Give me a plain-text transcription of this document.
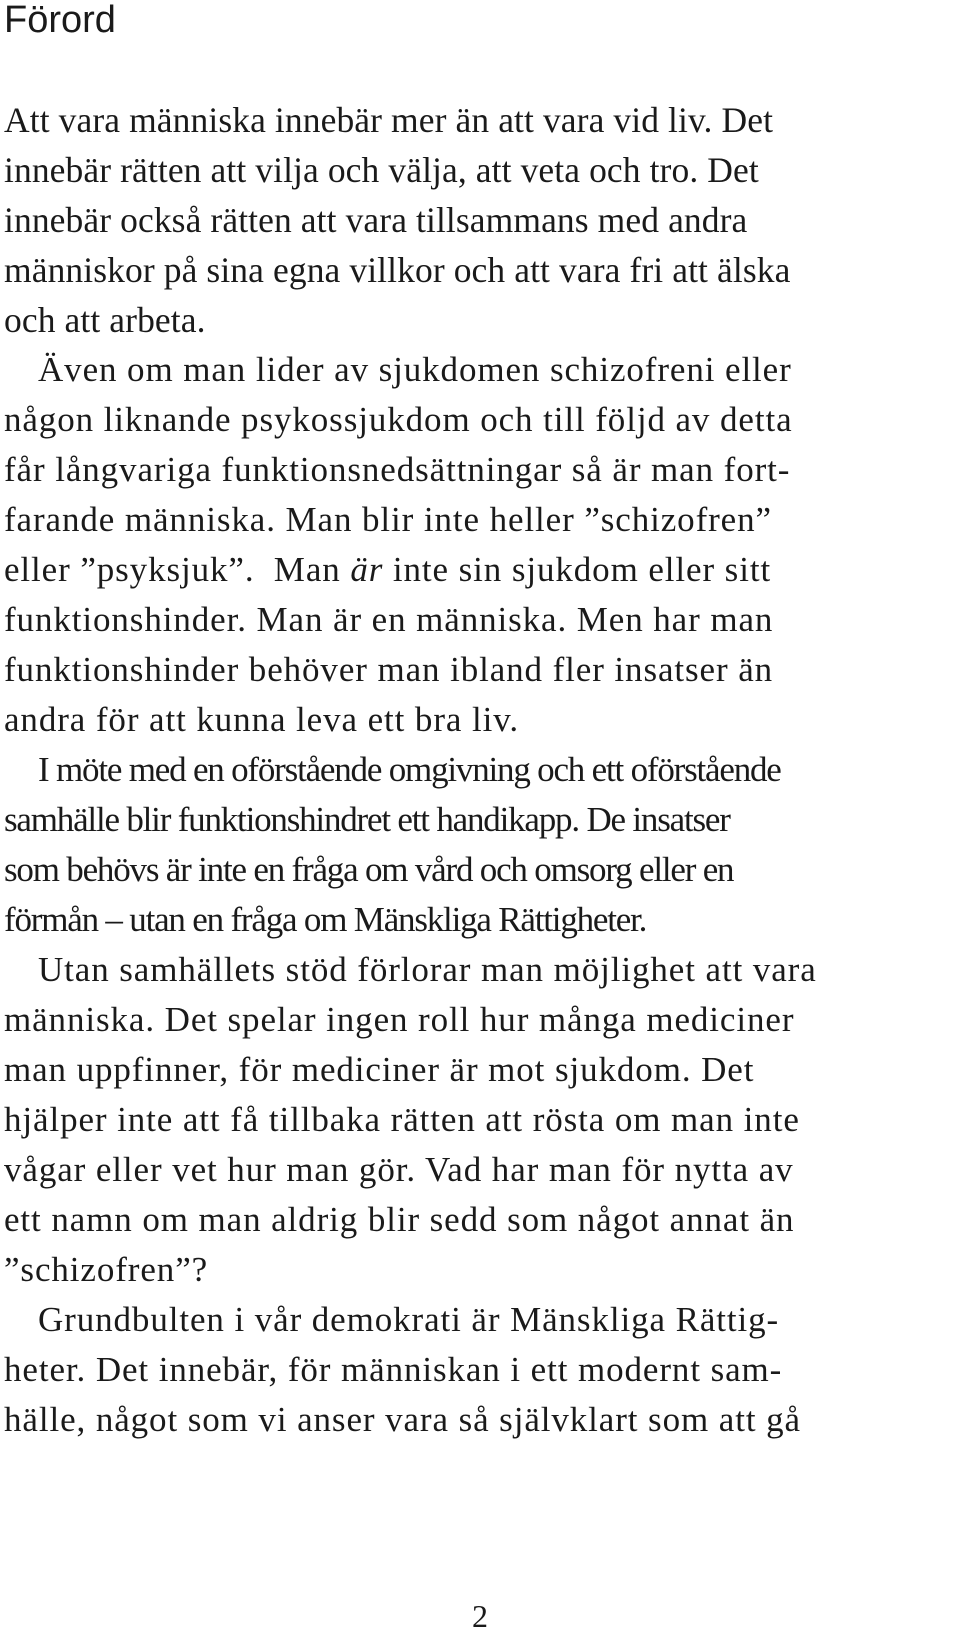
Förord
Att vara människa innebär mer än att vara vid liv. Det
innebär rätten att vilja och välja, att veta och tro. Det
innebär också rätten att vara tillsammans med andra
människor på sina egna villkor och att vara fri att älska
och att arbeta.
Även om man lider av sjukdomen schizofreni eller
någon liknande psykossjukdom och till följd av detta
får långvariga funktionsnedsättningar så är man fort-
farande människa. Man blir inte heller ”schizofren”
eller ”psyksjuk”.  Man är inte sin sjukdom eller sitt
funktionshinder. Man är en människa. Men har man
funktionshinder behöver man ibland fler insatser än
andra för att kunna leva ett bra liv.
I möte med en oförstående omgivning och ett oförstående
samhälle blir funktionshindret ett handikapp. De insatser
som behövs är inte en fråga om vård och omsorg eller en
förmån – utan en fråga om Mänskliga Rättigheter.
Utan samhällets stöd förlorar man möjlighet att vara
människa. Det spelar ingen roll hur många mediciner
man uppfinner, för mediciner är mot sjukdom. Det
hjälper inte att få tillbaka rätten att rösta om man inte
vågar eller vet hur man gör. Vad har man för nytta av
ett namn om man aldrig blir sedd som något annat än
”schizofren”?
Grundbulten i vår demokrati är Mänskliga Rättig-
heter. Det innebär, för människan i ett modernt sam-
hälle, något som vi anser vara så självklart som att gå
2
